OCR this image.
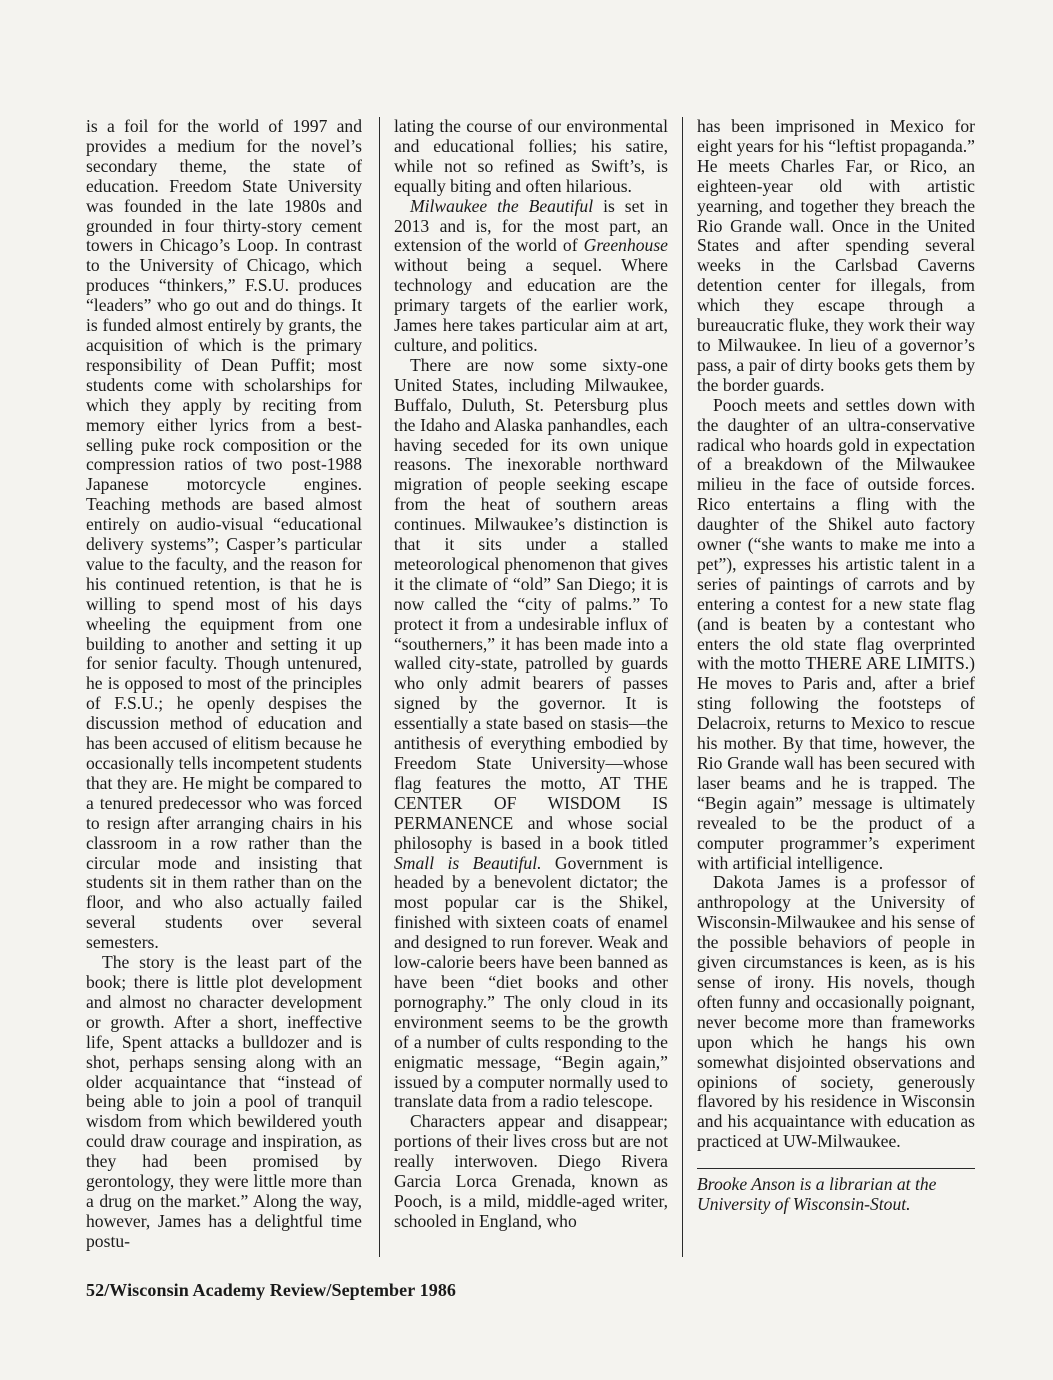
is a foil for the world of 1997 and provides a medium for the novel’s secondary theme, the state of education. Freedom State University was founded in the late 1980s and grounded in four thirty-story cement towers in Chicago’s Loop. In contrast to the University of Chicago, which produces “thinkers,” F.S.U. produces “leaders” who go out and do things. It is funded almost entirely by grants, the acquisition of which is the primary responsibility of Dean Puffit; most students come with scholarships for which they apply by reciting from memory either lyrics from a best-selling puke rock composition or the compression ratios of two post-1988 Japanese motorcycle engines. Teaching methods are based almost entirely on audio-visual “educational delivery systems”; Casper’s particular value to the faculty, and the reason for his continued retention, is that he is willing to spend most of his days wheeling the equipment from one building to another and setting it up for senior faculty. Though untenured, he is opposed to most of the principles of F.S.U.; he openly despises the discussion method of education and has been accused of elitism because he occasionally tells incompetent students that they are. He might be compared to a tenured predecessor who was forced to resign after arranging chairs in his classroom in a row rather than the circular mode and insisting that students sit in them rather than on the floor, and who also actually failed several students over several semesters.

The story is the least part of the book; there is little plot development and almost no character development or growth. After a short, ineffective life, Spent attacks a bulldozer and is shot, perhaps sensing along with an older acquaintance that “instead of being able to join a pool of tranquil wisdom from which bewildered youth could draw courage and inspiration, as they had been promised by gerontology, they were little more than a drug on the market.” Along the way, however, James has a delightful time postu-

lating the course of our environmental and educational follies; his satire, while not so refined as Swift’s, is equally biting and often hilarious.

Milwaukee the Beautiful is set in 2013 and is, for the most part, an extension of the world of Greenhouse without being a sequel. Where technology and education are the primary targets of the earlier work, James here takes particular aim at art, culture, and politics.

There are now some sixty-one United States, including Milwaukee, Buffalo, Duluth, St. Petersburg plus the Idaho and Alaska panhandles, each having seceded for its own unique reasons. The inexorable northward migration of people seeking escape from the heat of southern areas continues. Milwaukee’s distinction is that it sits under a stalled meteorological phenomenon that gives it the climate of “old” San Diego; it is now called the “city of palms.” To protect it from a undesirable influx of “southerners,” it has been made into a walled city-state, patrolled by guards who only admit bearers of passes signed by the governor. It is essentially a state based on stasis—the antithesis of everything embodied by Freedom State University—whose flag features the motto, AT THE CENTER OF WISDOM IS PERMANENCE and whose social philosophy is based in a book titled Small is Beautiful. Government is headed by a benevolent dictator; the most popular car is the Shikel, finished with sixteen coats of enamel and designed to run forever. Weak and low-calorie beers have been banned as have been “diet books and other pornography.” The only cloud in its environment seems to be the growth of a number of cults responding to the enigmatic message, “Begin again,” issued by a computer normally used to translate data from a radio telescope.

Characters appear and disappear; portions of their lives cross but are not really interwoven. Diego Rivera Garcia Lorca Grenada, known as Pooch, is a mild, middle-aged writer, schooled in England, who

has been imprisoned in Mexico for eight years for his “leftist propaganda.” He meets Charles Far, or Rico, an eighteen-year old with artistic yearning, and together they breach the Rio Grande wall. Once in the United States and after spending several weeks in the Carlsbad Caverns detention center for illegals, from which they escape through a bureaucratic fluke, they work their way to Milwaukee. In lieu of a governor’s pass, a pair of dirty books gets them by the border guards.

Pooch meets and settles down with the daughter of an ultra-conservative radical who hoards gold in expectation of a breakdown of the Milwaukee milieu in the face of outside forces. Rico entertains a fling with the daughter of the Shikel auto factory owner (“she wants to make me into a pet”), expresses his artistic talent in a series of paintings of carrots and by entering a contest for a new state flag (and is beaten by a contestant who enters the old state flag overprinted with the motto THERE ARE LIMITS.) He moves to Paris and, after a brief sting following the footsteps of Delacroix, returns to Mexico to rescue his mother. By that time, however, the Rio Grande wall has been secured with laser beams and he is trapped. The “Begin again” message is ultimately revealed to be the product of a computer programmer’s experiment with artificial intelligence.

Dakota James is a professor of anthropology at the University of Wisconsin-Milwaukee and his sense of the possible behaviors of people in given circumstances is keen, as is his sense of irony. His novels, though often funny and occasionally poignant, never become more than frameworks upon which he hangs his own somewhat disjointed observations and opinions of society, generously flavored by his residence in Wisconsin and his acquaintance with education as practiced at UW-Milwaukee.

Brooke Anson is a librarian at the University of Wisconsin-Stout.

52/Wisconsin Academy Review/September 1986
